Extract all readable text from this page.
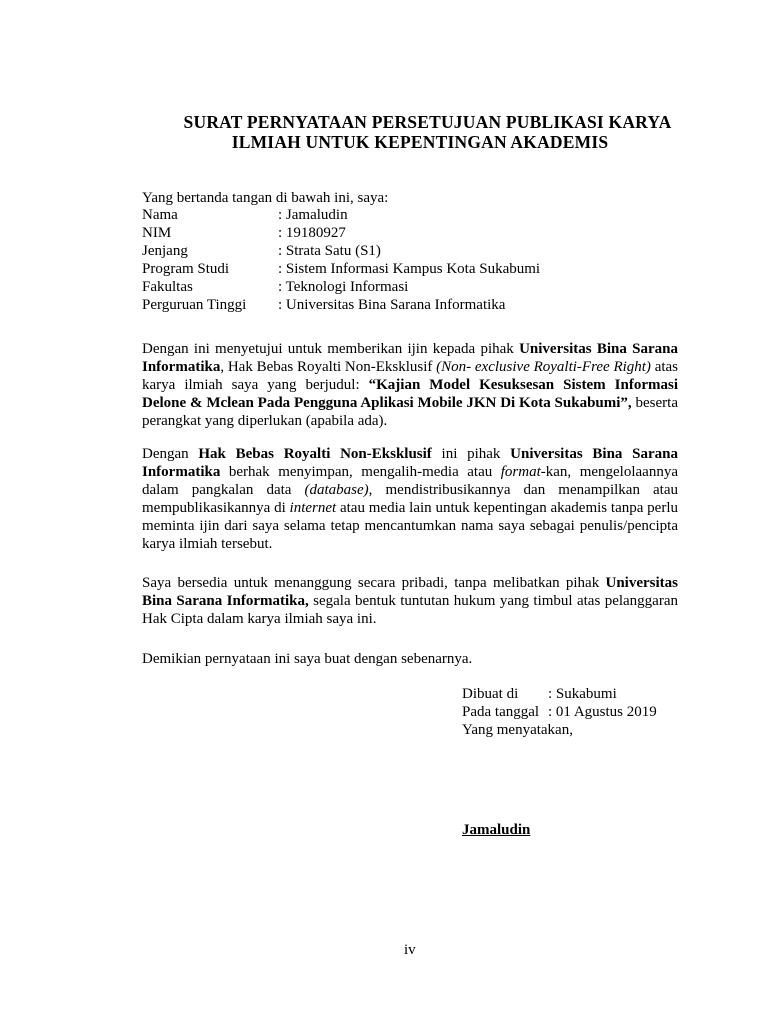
SURAT PERNYATAAN PERSETUJUAN PUBLIKASI KARYA
ILMIAH UNTUK KEPENTINGAN AKADEMIS
Yang bertanda tangan di bawah ini, saya:
Nama	: Jamaludin
NIM	: 19180927
Jenjang	: Strata Satu (S1)
Program Studi	: Sistem Informasi Kampus Kota Sukabumi
Fakultas	: Teknologi Informasi
Perguruan Tinggi	: Universitas Bina Sarana Informatika
Dengan ini menyetujui untuk memberikan ijin kepada pihak Universitas Bina Sarana Informatika, Hak Bebas Royalti Non-Eksklusif (Non- exclusive Royalti-Free Right) atas karya ilmiah saya yang berjudul: “Kajian Model Kesuksesan Sistem Informasi Delone & Mclean Pada Pengguna Aplikasi Mobile JKN Di Kota Sukabumi”, beserta perangkat yang diperlukan (apabila ada).
Dengan Hak Bebas Royalti Non-Eksklusif ini pihak Universitas Bina Sarana Informatika berhak menyimpan, mengalih-media atau format-kan, mengelolaannya dalam pangkalan data (database), mendistribusikannya dan menampilkan atau mempublikasikannya di internet atau media lain untuk kepentingan akademis tanpa perlu meminta ijin dari saya selama tetap mencantumkan nama saya sebagai penulis/pencipta karya ilmiah tersebut.
Saya bersedia untuk menanggung secara pribadi, tanpa melibatkan pihak Universitas Bina Sarana Informatika, segala bentuk tuntutan hukum yang timbul atas pelanggaran Hak Cipta dalam karya ilmiah saya ini.
Demikian pernyataan ini saya buat dengan sebenarnya.
Dibuat di	: Sukabumi
Pada tanggal	: 01 Agustus 2019
Yang menyatakan,
Jamaludin
iv
